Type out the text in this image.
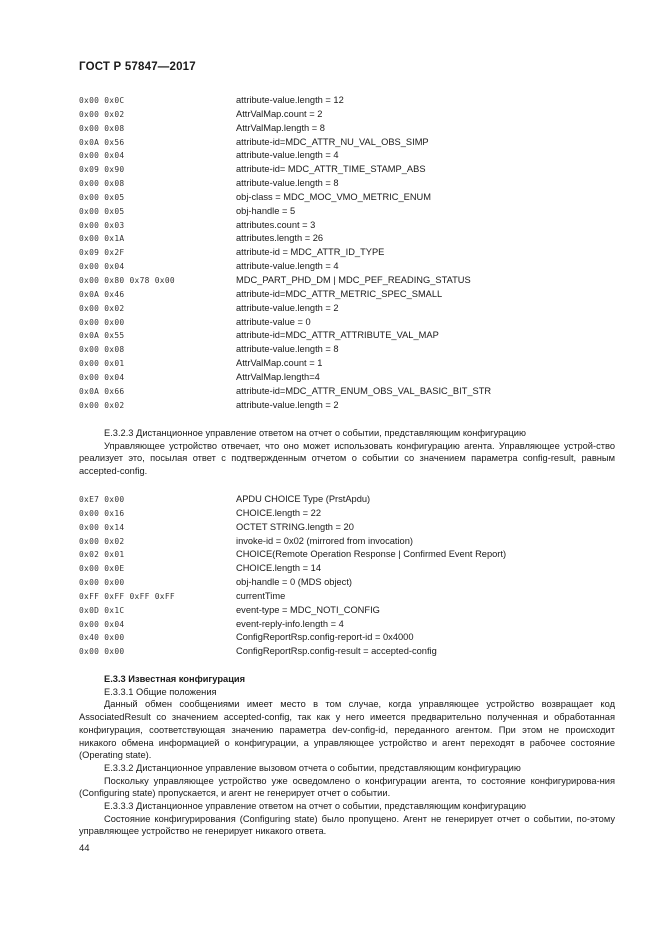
ГОСТ Р 57847—2017
0x00 0x0C	attribute-value.length = 12
0x00 0x02	AttrValMap.count = 2
0x00 0x08	AttrValMap.length = 8
0x0A 0x56	attribute-id=MDC_ATTR_NU_VAL_OBS_SIMP
0x00 0x04	attribute-value.length = 4
0x09 0x90	attribute-id= MDC_ATTR_TIME_STAMP_ABS
0x00 0x08	attribute-value.length = 8
0x00 0x05	obj-class = MDC_MOC_VMO_METRIC_ENUM
0x00 0x05	obj-handle = 5
0x00 0x03	attributes.count = 3
0x00 0x1A	attributes.length = 26
0x09 0x2F	attribute-id = MDC_ATTR_ID_TYPE
0x00 0x04	attribute-value.length = 4
0x00 0x80 0x78 0x00	MDC_PART_PHD_DM | MDC_PEF_READING_STATUS
0x0A 0x46	attribute-id=MDC_ATTR_METRIC_SPEC_SMALL
0x00 0x02	attribute-value.length = 2
0x00 0x00	attribute-value = 0
0x0A 0x55	attribute-id=MDC_ATTR_ATTRIBUTE_VAL_MAP
0x00 0x08	attribute-value.length = 8
0x00 0x01	AttrValMap.count = 1
0x00 0x04	AttrValMap.length=4
0x0A 0x66	attribute-id=MDC_ATTR_ENUM_OBS_VAL_BASIC_BIT_STR
0x00 0x02	attribute-value.length = 2

E.3.2.3 Дистанционное управление ответом на отчет о событии, представляющим конфигурацию

Управляющее устройство отвечает, что оно может использовать конфигурацию агента. Управляющее устрой-ство реализует это, посылая ответ с подтвержденным отчетом о событии со значением параметра config-result, равным accepted-config.

0xE7 0x00	APDU CHOICE Type (PrstApdu)
0x00 0x16	CHOICE.length = 22
0x00 0x14	OCTET STRING.length = 20
0x00 0x02	invoke-id = 0x02 (mirrored from invocation)
0x02 0x01	CHOICE(Remote Operation Response | Confirmed Event Report)
0x00 0x0E	CHOICE.length = 14
0x00 0x00	obj-handle = 0 (MDS object)
0xFF 0xFF 0xFF 0xFF	currentTime
0x0D 0x1C	event-type = MDC_NOTI_CONFIG
0x00 0x04	event-reply-info.length = 4
0x40 0x00	ConfigReportRsp.config-report-id = 0x4000
0x00 0x00	ConfigReportRsp.config-result = accepted-config

E.3.3 Известная конфигурация

E.3.3.1 Общие положения

Данный обмен сообщениями имеет место в том случае, когда управляющее устройство возвращает код AssociatedResult со значением accepted-config, так как у него имеется предварительно полученная и обработанная конфигурация, соответствующая значению параметра dev-config-id, переданного агентом. При этом не происходит никакого обмена информацией о конфигурации, а управляющее устройство и агент переходят в рабочее состояние (Operating state).

E.3.3.2 Дистанционное управление вызовом отчета о событии, представляющим конфигурацию

Поскольку управляющее устройство уже осведомлено о конфигурации агента, то состояние конфигурирова-ния (Configuring state) пропускается, и агент не генерирует отчет о событии.

E.3.3.3 Дистанционное управление ответом на отчет о событии, представляющим конфигурацию

Состояние конфигурирования (Configuring state) было пропущено. Агент не генерирует отчет о событии, по-этому управляющее устройство не генерирует никакого ответа.

44
